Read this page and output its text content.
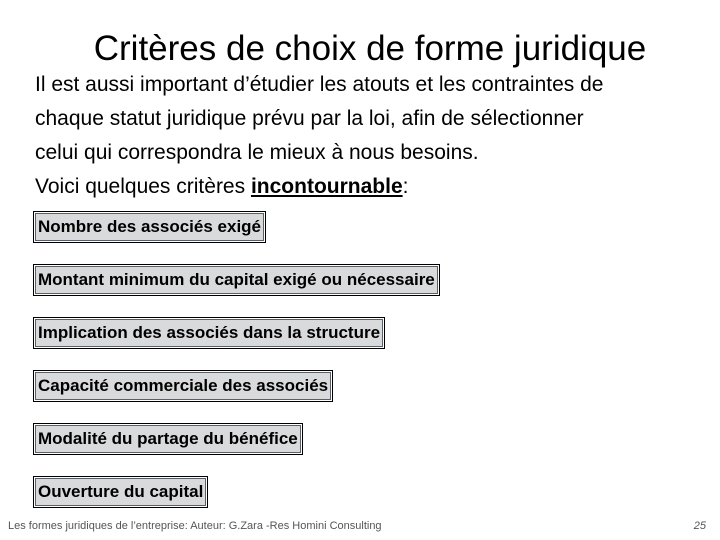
Critères de choix de forme juridique

Il est aussi important d’étudier les atouts et les contraintes de
chaque statut juridique prévu par la loi, afin de sélectionner
celui qui correspondra le mieux à nous besoins.
Voici quelques critères incontournable:

Nombre des associés exigé
Montant minimum du capital exigé ou nécessaire
Implication des associés dans la structure
Capacité commerciale des associés
Modalité du partage du bénéfice
Ouverture du capital
Les formes juridiques de l’entreprise: Auteur: G.Zara -Res Homini Consulting	25
